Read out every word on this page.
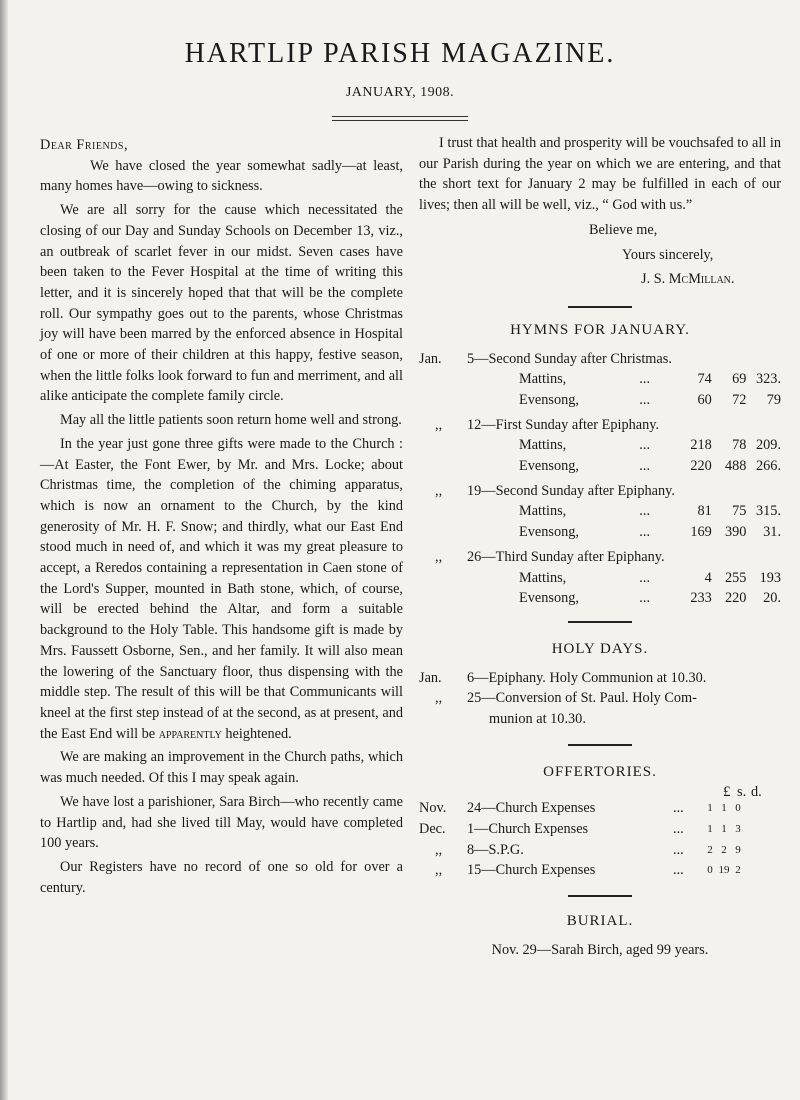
HARTLIP PARISH MAGAZINE.
JANUARY, 1908.

Dear Friends,

We have closed the year somewhat sadly—at least, many homes have—owing to sickness.

We are all sorry for the cause which necessitated the closing of our Day and Sunday Schools on December 13, viz., an outbreak of scarlet fever in our midst. Seven cases have been taken to the Fever Hospital at the time of writing this letter, and it is sincerely hoped that that will be the complete roll. Our sympathy goes out to the parents, whose Christmas joy will have been marred by the enforced absence in Hospital of one or more of their children at this happy, festive season, when the little folks look forward to fun and merriment, and all alike anticipate the complete family circle.

May all the little patients soon return home well and strong.

In the year just gone three gifts were made to the Church :—At Easter, the Font Ewer, by Mr. and Mrs. Locke; about Christmas time, the completion of the chiming apparatus, which is now an ornament to the Church, by the kind generosity of Mr. H. F. Snow; and thirdly, what our East End stood much in need of, and which it was my great pleasure to accept, a Reredos containing a representation in Caen stone of the Lord's Supper, mounted in Bath stone, which, of course, will be erected behind the Altar, and form a suitable background to the Holy Table. This handsome gift is made by Mrs. Faussett Osborne, Sen., and her family. It will also mean the lowering of the Sanctuary floor, thus dispensing with the middle step. The result of this will be that Communicants will kneel at the first step instead of at the second, as at present, and the East End will be apparently heightened.

We are making an improvement in the Church paths, which was much needed. Of this I may speak again.

We have lost a parishioner, Sara Birch—who recently came to Hartlip and, had she lived till May, would have completed 100 years.

Our Registers have no record of one so old for over a century.

I trust that health and prosperity will be vouchsafed to all in our Parish during the year on which we are entering, and that the short text for January 2 may be fulfilled in each of our lives; then all will be well, viz., “ God with us.”

Believe me,
Yours sincerely,
J. S. McMillan.
HYMNS FOR JANUARY.
Jan.	5 —Second Sunday after Christmas.
Mattins,	...	74	69 323.
Evensong,	...	60	72	79
,,	12 —First Sunday after Epiphany.
Mattins,	...	218	78 209.
Evensong,	...	220 488 266.
,,	19 —Second Sunday after Epiphany.
Mattins,	...	81	75 315.
Evensong,	...	169 390	31.
,,	26 —Third Sunday after Epiphany.
Mattins,	...	4 255 193
Evensong,	...	233 220	20.
HOLY DAYS.
Jan.	6—Epiphany. Holy Communion at 10.30.
,,	25—Conversion of St. Paul. Holy Com-
munion at 10.30.
OFFERTORIES.
£ s. d.
Nov.	24—Church Expenses	...	1 1 0
Dec.	1—Church Expenses	...	1 1 3
,,	8—S.P.G.	...	2 2 9
,,	15—Church Expenses	...	0 19 2
BURIAL.
Nov. 29—Sarah Birch, aged 99 years.
